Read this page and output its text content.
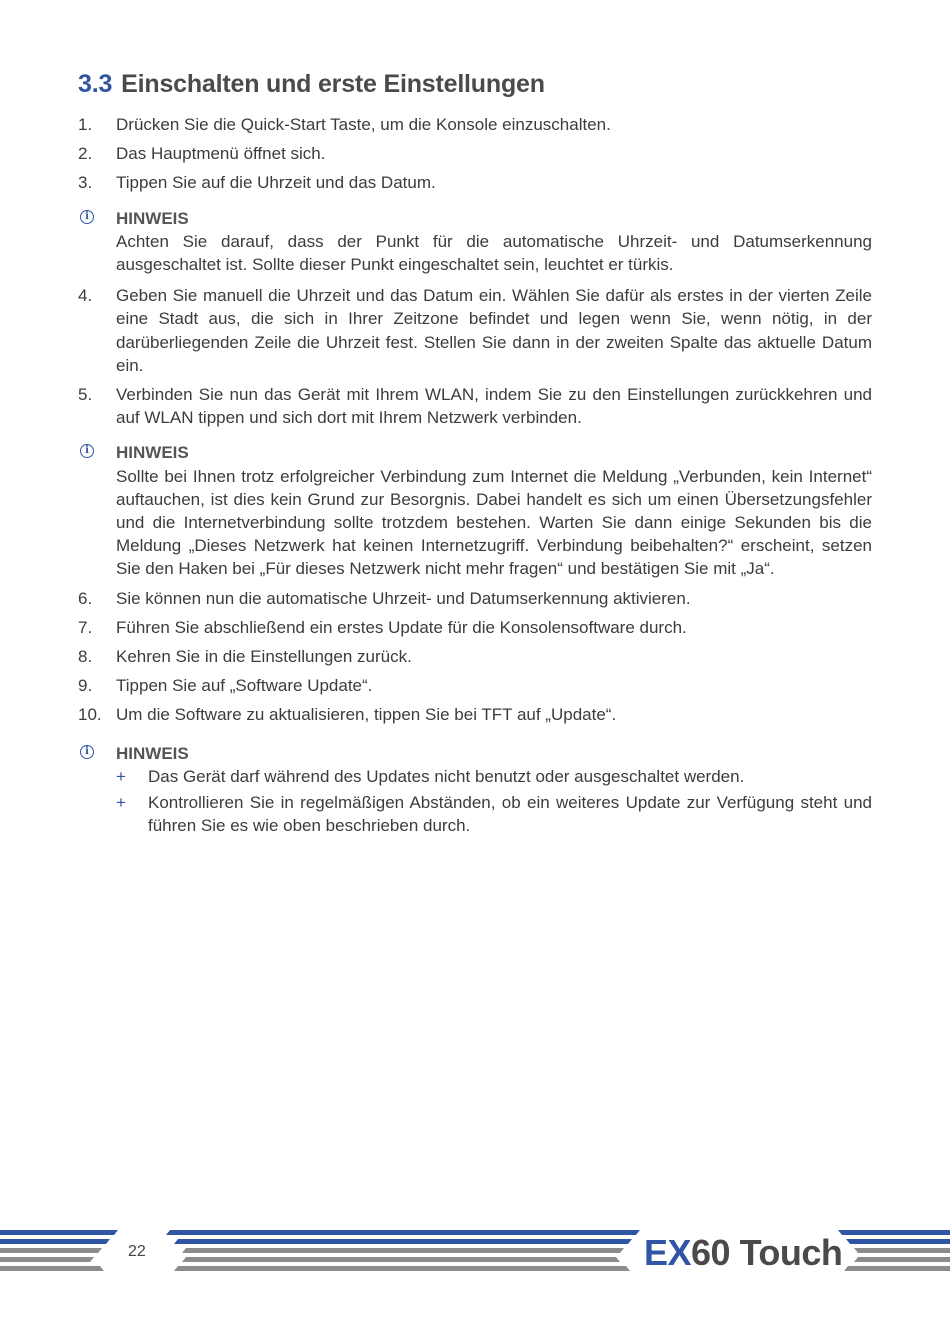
3.3 Einschalten und erste Einstellungen
1. Drücken Sie die Quick-Start Taste, um die Konsole einzuschalten.
2. Das Hauptmenü öffnet sich.
3. Tippen Sie auf die Uhrzeit und das Datum.
i HINWEIS
Achten Sie darauf, dass der Punkt für die automatische Uhrzeit- und Datumserkennung ausgeschaltet ist. Sollte dieser Punkt eingeschaltet sein, leuchtet er türkis.
4. Geben Sie manuell die Uhrzeit und das Datum ein. Wählen Sie dafür als erstes in der vierten Zeile eine Stadt aus, die sich in Ihrer Zeitzone befindet und legen wenn Sie, wenn nötig, in der darüberliegenden Zeile die Uhrzeit fest. Stellen Sie dann in der zweiten Spalte das aktuelle Datum ein.
5. Verbinden Sie nun das Gerät mit Ihrem WLAN, indem Sie zu den Einstellungen zurückkehren und auf WLAN tippen und sich dort mit Ihrem Netzwerk verbinden.
i HINWEIS
Sollte bei Ihnen trotz erfolgreicher Verbindung zum Internet die Meldung „Verbunden, kein Internet“ auftauchen, ist dies kein Grund zur Besorgnis. Dabei handelt es sich um einen Übersetzungsfehler und die Internetverbindung sollte trotzdem bestehen. Warten Sie dann einige Sekunden bis die Meldung „Dieses Netzwerk hat keinen Internetzugriff. Verbindung beibehalten?“ erscheint, setzen Sie den Haken bei „Für dieses Netzwerk nicht mehr fragen“ und bestätigen Sie mit „Ja“.
6. Sie können nun die automatische Uhrzeit- und Datumserkennung aktivieren.
7. Führen Sie abschließend ein erstes Update für die Konsolensoftware durch.
8. Kehren Sie in die Einstellungen zurück.
9. Tippen Sie auf „Software Update“.
10. Um die Software zu aktualisieren, tippen Sie bei TFT auf „Update“.
i HINWEIS
+ Das Gerät darf während des Updates nicht benutzt oder ausgeschaltet werden.
+ Kontrollieren Sie in regelmäßigen Abständen, ob ein weiteres Update zur Verfügung steht und führen Sie es wie oben beschrieben durch.
22	EX60 Touch
